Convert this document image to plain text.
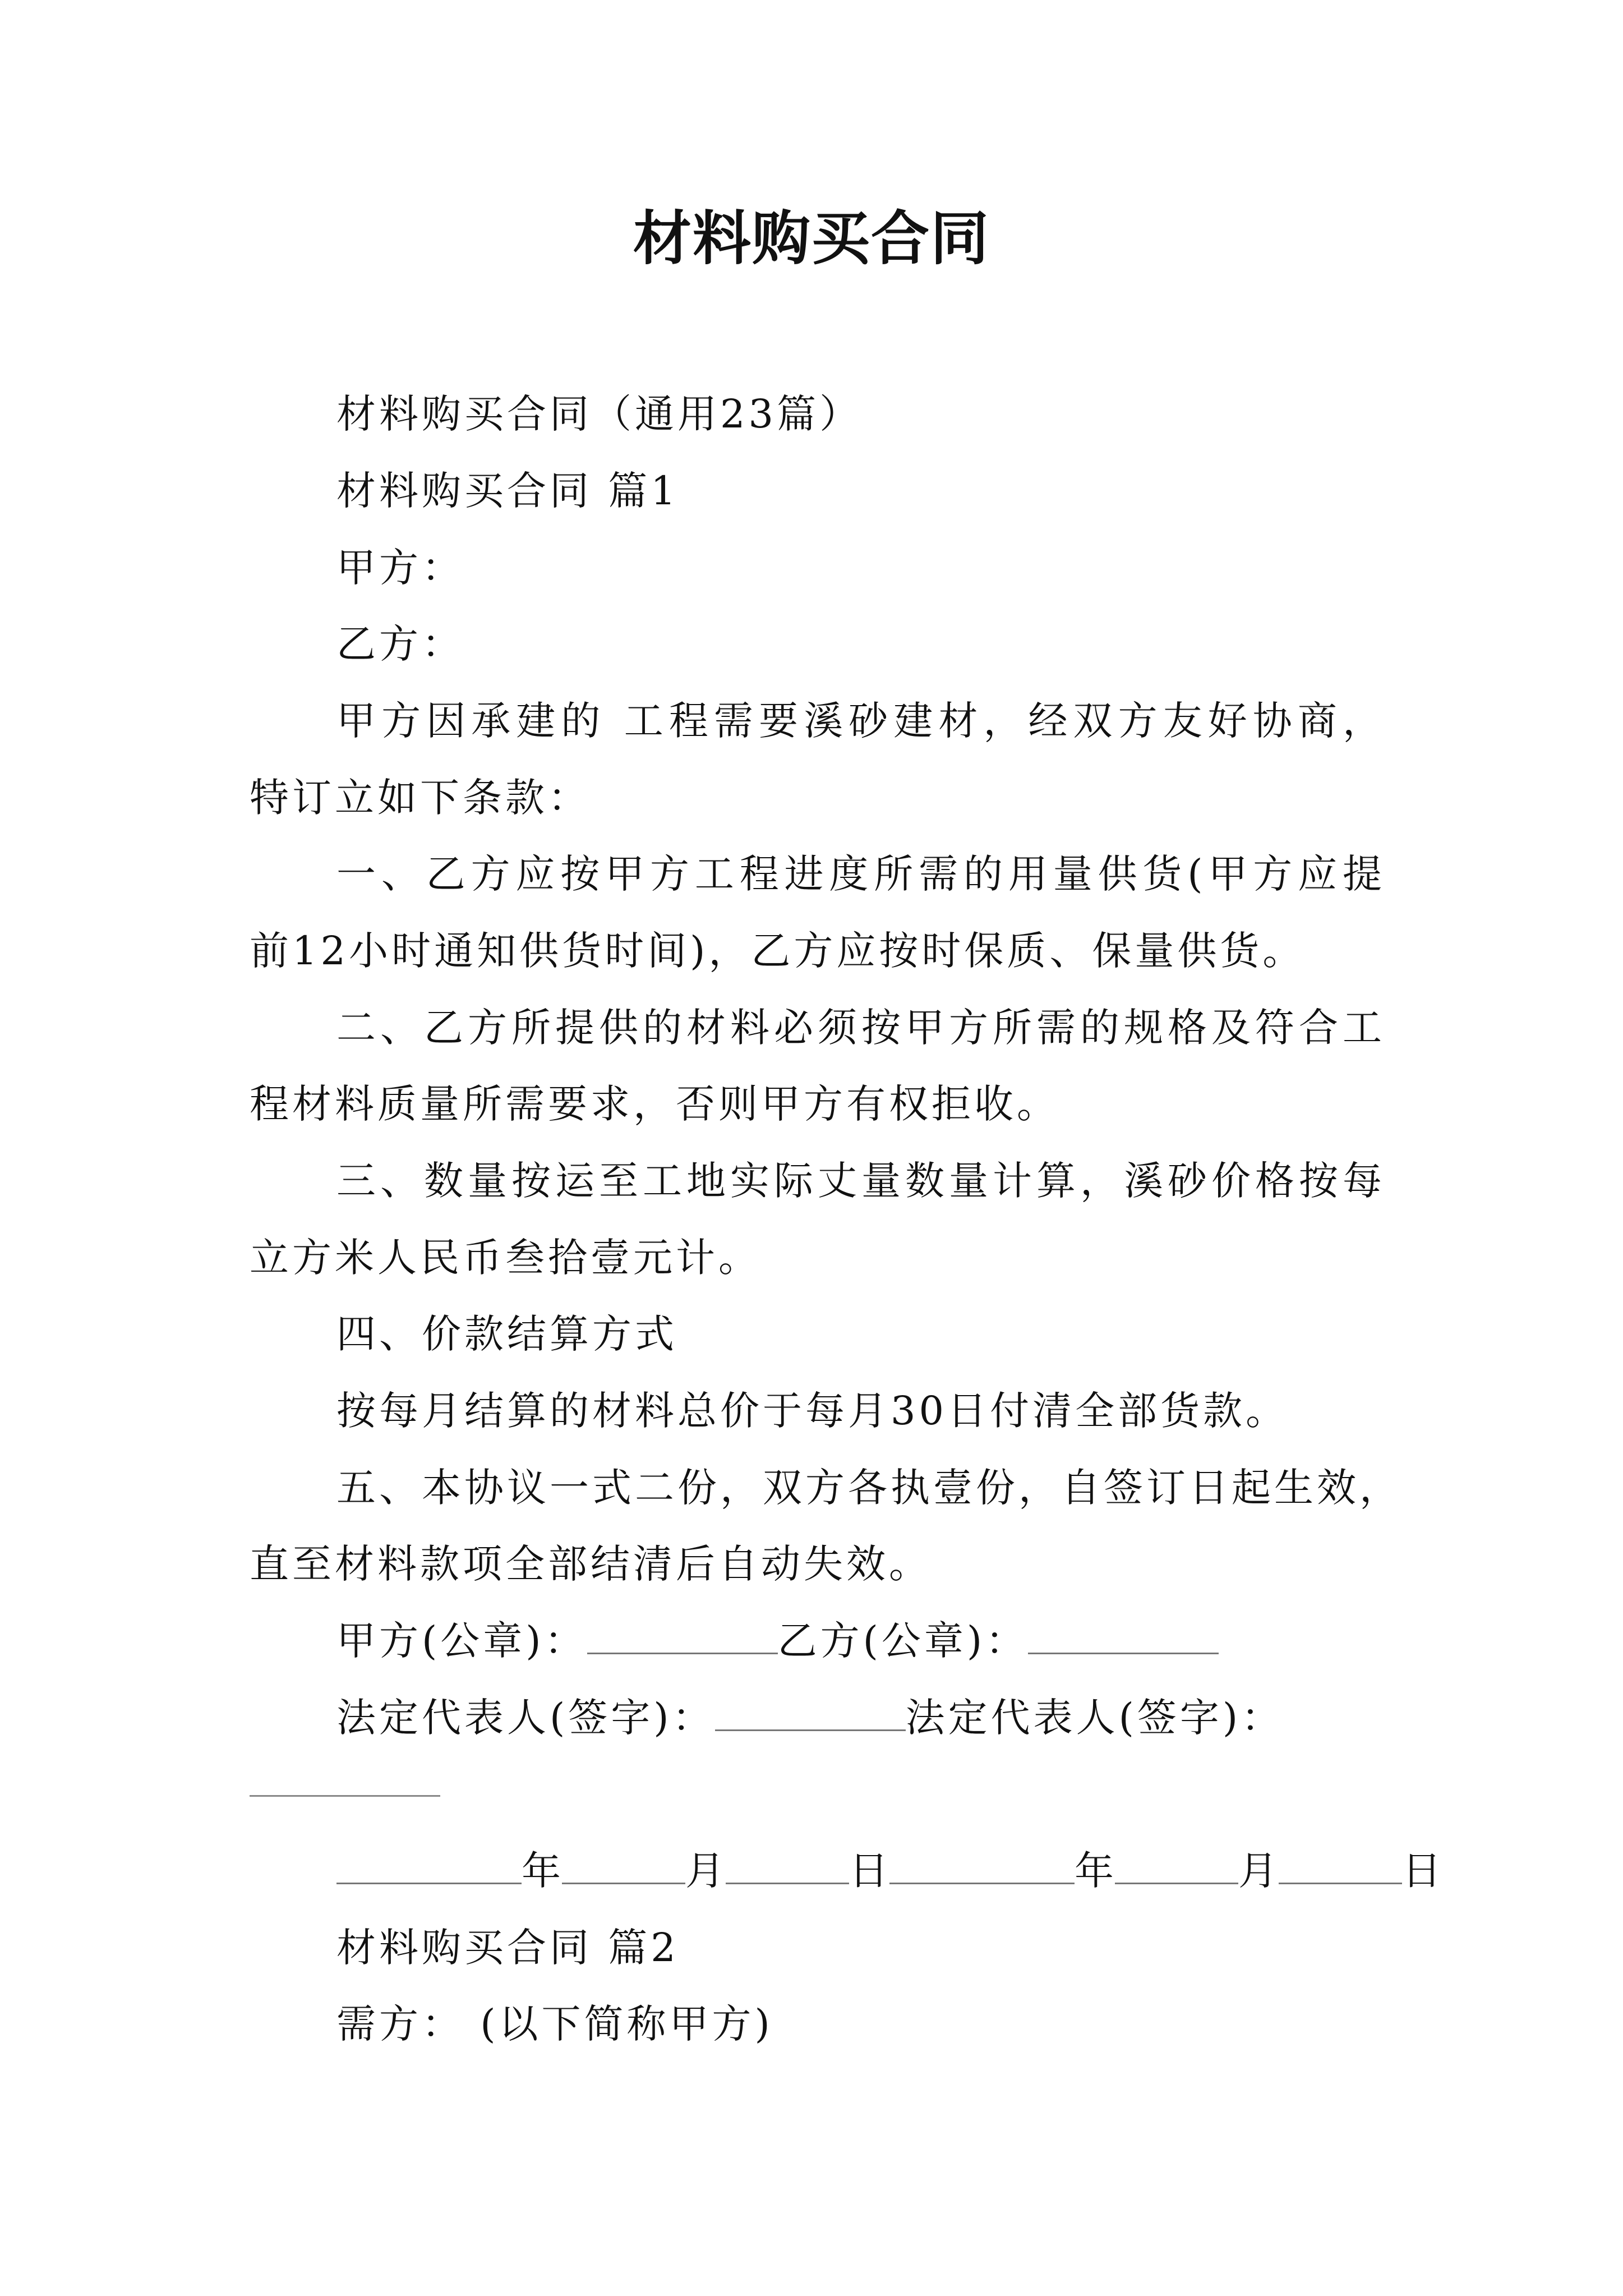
材料购买合同
材料购买合同（通用23篇）
材料购买合同 篇1
甲方：
乙方：
甲方因承建的 工程需要溪砂建材，经双方友好协商，
特订立如下条款：
一、乙方应按甲方工程进度所需的用量供货(甲方应提
前12小时通知供货时间)，乙方应按时保质、保量供货。
二、乙方所提供的材料必须按甲方所需的规格及符合工
程材料质量所需要求，否则甲方有权拒收。
三、数量按运至工地实际丈量数量计算，溪砂价格按每
立方米人民币叁拾壹元计。
四、价款结算方式
按每月结算的材料总价于每月30日付清全部货款。
五、本协议一式二份，双方各执壹份，自签订日起生效，
直至材料款项全部结清后自动失效。
甲方(公章)：	乙方(公章)：
法定代表人(签字)：	法定代表人(签字)：
年	月	日	年	月	日
材料购买合同 篇2
需方： (以下简称甲方)
